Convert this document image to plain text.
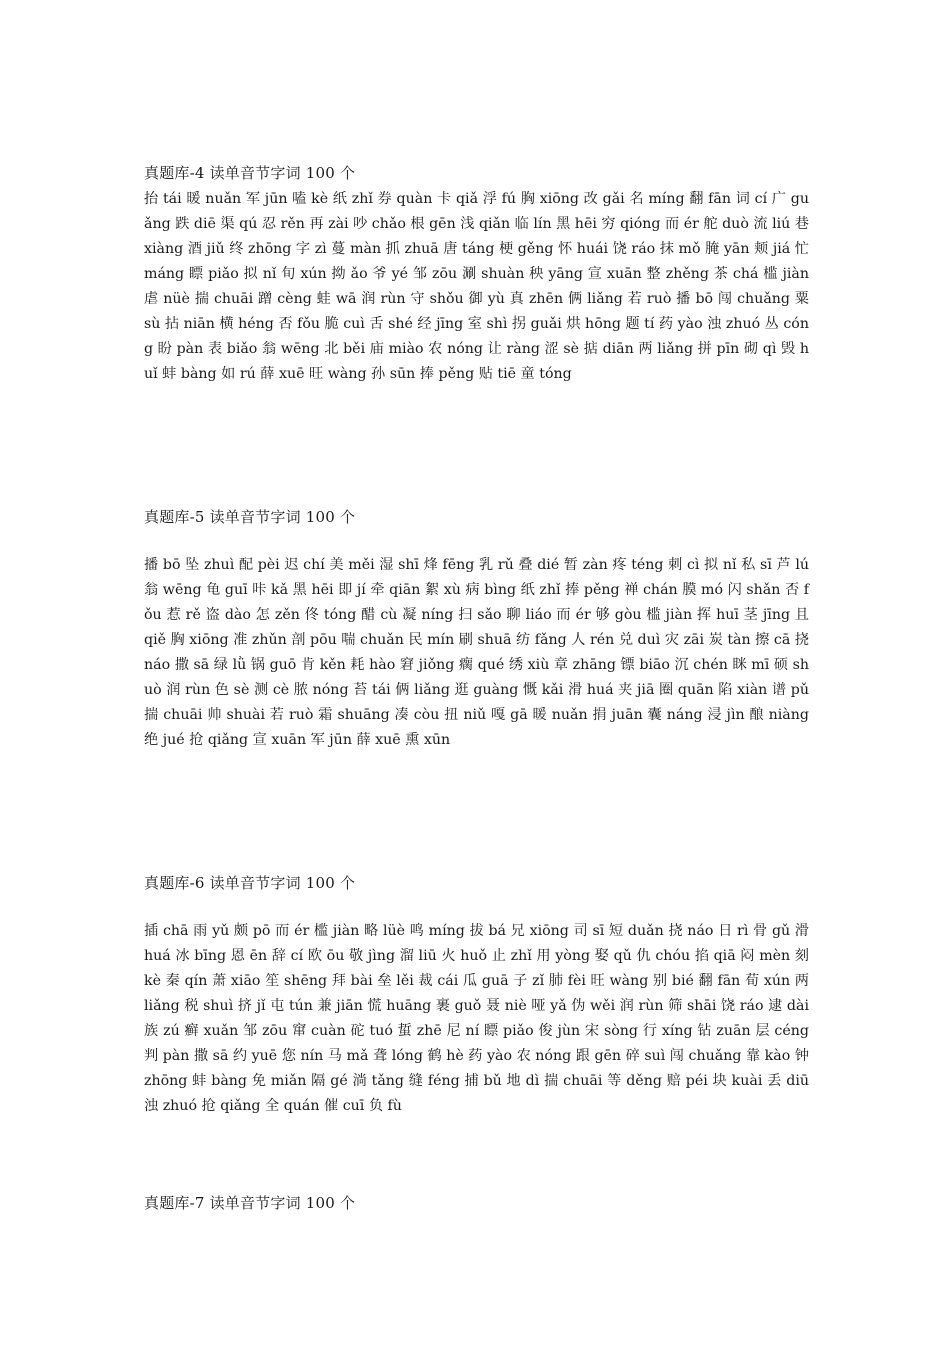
真题库-4 读单音节字词 100 个
抬 tái 暖 nuǎn 军 jūn 嗑 kè 纸 zhǐ 券 quàn 卡 qiǎ 浮 fú 胸 xiōng 改 gǎi 名 míng 翻 fān 词 cí 广 guǎng 跌 diē 渠 qú 忍 rěn 再 zài 吵 chǎo 根 gēn 浅 qiǎn 临 lín 黑 hēi 穷 qióng 而 ér 舵 duò 流 liú 巷 xiàng 酒 jiǔ 终 zhōng 字 zì 蔓 màn 抓 zhuā 唐 táng 梗 gěng 怀 huái 饶 ráo 抹 mǒ 腌 yān 颊 jiá 忙 máng 瞟 piǎo 拟 nǐ 旬 xún 拗 ǎo 爷 yé 邹 zōu 涮 shuàn 秧 yāng 宣 xuān 整 zhěng 茶 chá 槛 jiàn 虐 nüè 揣 chuāi 蹭 cèng 蛙 wā 润 rùn 守 shǒu 御 yù 真 zhēn 俩 liǎng 若 ruò 播 bō 闯 chuǎng 粟 sù 拈 niān 横 héng 否 fǒu 脆 cuì 舌 shé 经 jīng 室 shì 拐 guǎi 烘 hōng 题 tí 药 yào 浊 zhuó 丛 cóng 盼 pàn 表 biǎo 翁 wēng 北 běi 庙 miào 农 nóng 让 ràng 涩 sè 掂 diān 两 liǎng 拼 pīn 砌 qì 毁 huǐ 蚌 bàng 如 rú 薛 xuē 旺 wàng 孙 sūn 捧 pěng 贴 tiē 童 tóng
真题库-5 读单音节字词 100 个
播 bō 坠 zhuì 配 pèi 迟 chí 美 měi 湿 shī 烽 fēng 乳 rǔ 叠 dié 暂 zàn 疼 téng 刺 cì 拟 nǐ 私 sī 芦 lú 翁 wēng 龟 guī 咔 kǎ 黑 hēi 即 jí 牵 qiān 絮 xù 病 bìng 纸 zhǐ 捧 pěng 禅 chán 膜 mó 闪 shǎn 否 fǒu 惹 rě 盗 dào 怎 zěn 佟 tóng 醋 cù 凝 níng 扫 sǎo 聊 liáo 而 ér 够 gòu 槛 jiàn 挥 huī 茎 jīng 且 qiě 胸 xiōng 准 zhǔn 剖 pōu 喘 chuǎn 民 mín 刷 shuā 纺 fǎng 人 rén 兑 duì 灾 zāi 炭 tàn 擦 cā 挠 náo 撒 sā 绿 lǜ 锅 guō 肯 kěn 耗 hào 窘 jiǒng 瘸 qué 绣 xiù 章 zhāng 镖 biāo 沉 chén 眯 mī 硕 shuò 润 rùn 色 sè 测 cè 脓 nóng 苔 tái 俩 liǎng 逛 guàng 慨 kǎi 滑 huá 夹 jiā 圈 quān 陷 xiàn 谱 pǔ 揣 chuāi 帅 shuài 若 ruò 霜 shuāng 凑 còu 扭 niǔ 嘎 gā 暖 nuǎn 捐 juān 囊 náng 浸 jìn 酿 niàng 绝 jué 抢 qiǎng 宣 xuān 军 jūn 薛 xuē 熏 xūn
真题库-6 读单音节字词 100 个
插 chā 雨 yǔ 颇 pō 而 ér 槛 jiàn 略 lüè 鸣 míng 拔 bá 兄 xiōng 司 sī 短 duǎn 挠 náo 日 rì 骨 gǔ 滑 huá 冰 bīng 恩 ēn 辞 cí 欧 ōu 敬 jìng 溜 liū 火 huǒ 止 zhǐ 用 yòng 娶 qǔ 仇 chóu 掐 qiā 闷 mèn 刻 kè 秦 qín 萧 xiāo 笙 shēng 拜 bài 垒 lěi 裁 cái 瓜 guā 子 zǐ 肺 fèi 旺 wàng 别 bié 翻 fān 荀 xún 两 liǎng 税 shuì 挤 jǐ 屯 tún 兼 jiān 慌 huāng 裹 guǒ 聂 niè 哑 yǎ 伪 wěi 润 rùn 筛 shāi 饶 ráo 逮 dài 族 zú 癣 xuǎn 邹 zōu 窜 cuàn 砣 tuó 蜇 zhē 尼 ní 瞟 piǎo 俊 jùn 宋 sòng 行 xíng 钻 zuān 层 céng 判 pàn 撒 sā 约 yuē 您 nín 马 mǎ 聋 lóng 鹤 hè 药 yào 农 nóng 跟 gēn 碎 suì 闯 chuǎng 靠 kào 钟 zhōng 蚌 bàng 免 miǎn 隔 gé 淌 tǎng 缝 féng 捕 bǔ 地 dì 揣 chuāi 等 děng 赔 péi 块 kuài 丢 diū 浊 zhuó 抢 qiǎng 全 quán 催 cuī 负 fù
真题库-7 读单音节字词 100 个
